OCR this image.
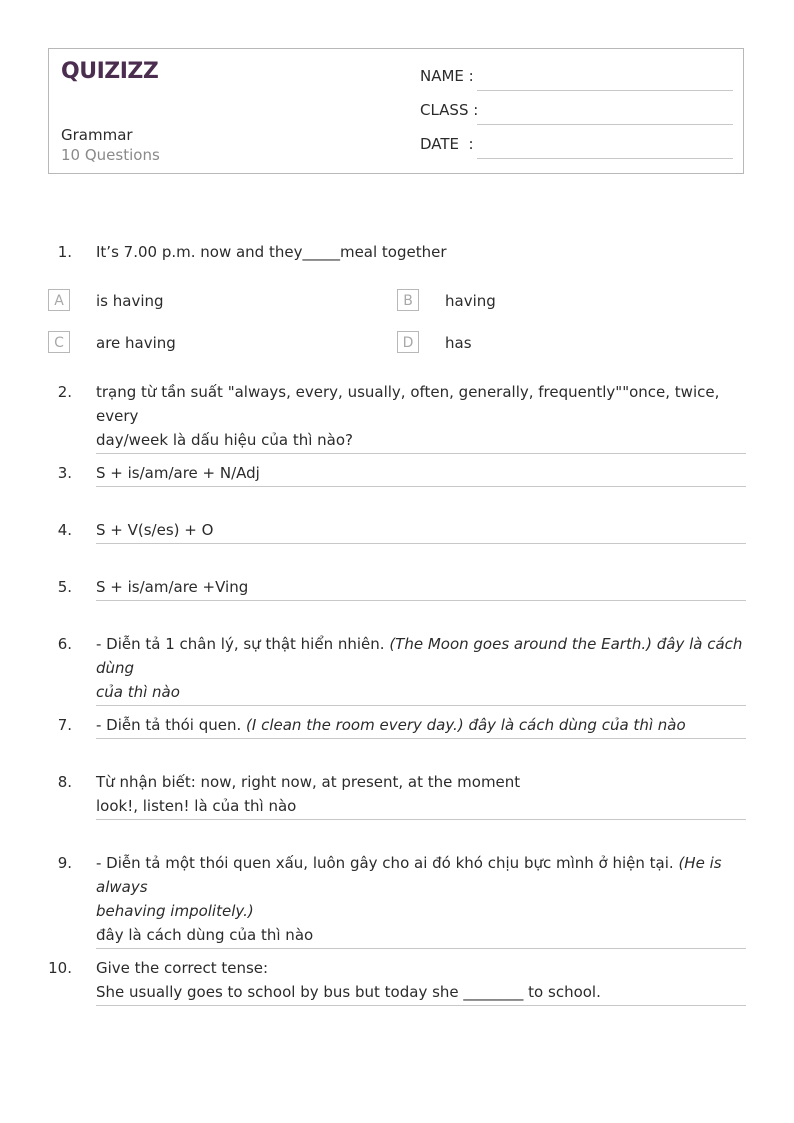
QUIZIZZ
Grammar
10 Questions
NAME :
CLASS :
DATE  :
1. It’s 7.00 p.m. now and they_____meal together
A	is having	B	having
C	are having	D	has
2. trạng từ tần suất "always, every, usually, often, generally, frequently""once, twice, every
day/week là dấu hiệu của thì nào?
3. S + is/am/are + N/Adj
4. S + V(s/es) + O
5. S + is/am/are +Ving
6. - Diễn tả 1 chân lý, sự thật hiển nhiên. (The Moon goes around the Earth.) đây là cách dùng
của thì nào
7. - Diễn tả thói quen. (I clean the room every day.) đây là cách dùng của thì nào
8. Từ nhận biết: now, right now, at present, at the moment
look!, listen! là của thì nào
9. - Diễn tả một thói quen xấu, luôn gây cho ai đó khó chịu bực mình ở hiện tại. (He is always
behaving impolitely.)
đây là cách dùng của thì nào
10. Give the correct tense:
She usually goes to school by bus but today she ________ to school.
